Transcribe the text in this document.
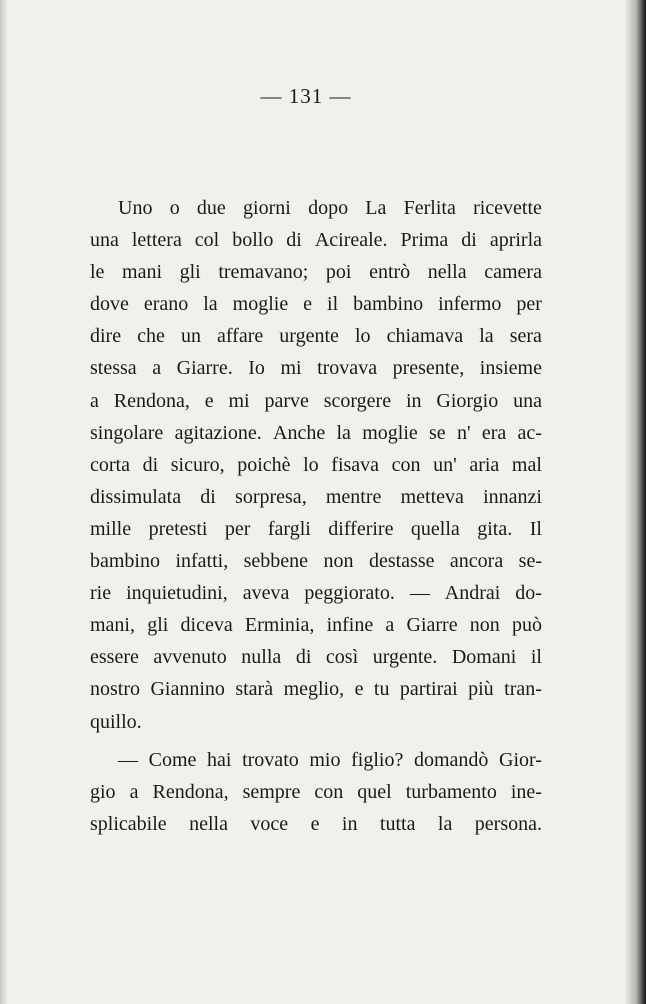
— 131 —
Uno o due giorni dopo La Ferlita ricevette
una lettera col bollo di Acireale. Prima di aprirla
le mani gli tremavano; poi entrò nella camera
dove erano la moglie e il bambino infermo per
dire che un affare urgente lo chiamava la sera
stessa a Giarre. Io mi trovava presente, insieme
a Rendona, e mi parve scorgere in Giorgio una
singolare agitazione. Anche la moglie se n' era ac-
corta di sicuro, poichè lo fisava con un' aria mal
dissimulata di sorpresa, mentre metteva innanzi
mille pretesti per fargli differire quella gita. Il
bambino infatti, sebbene non destasse ancora se-
rie inquietudini, aveva peggiorato. — Andrai do-
mani, gli diceva Erminia, infine a Giarre non può
essere avvenuto nulla di così urgente. Domani il
nostro Giannino starà meglio, e tu partirai più tran-
quillo.
— Come hai trovato mio figlio? domandò Gior-
gio a Rendona, sempre con quel turbamento ine-
splicabile nella voce e in tutta la persona.
